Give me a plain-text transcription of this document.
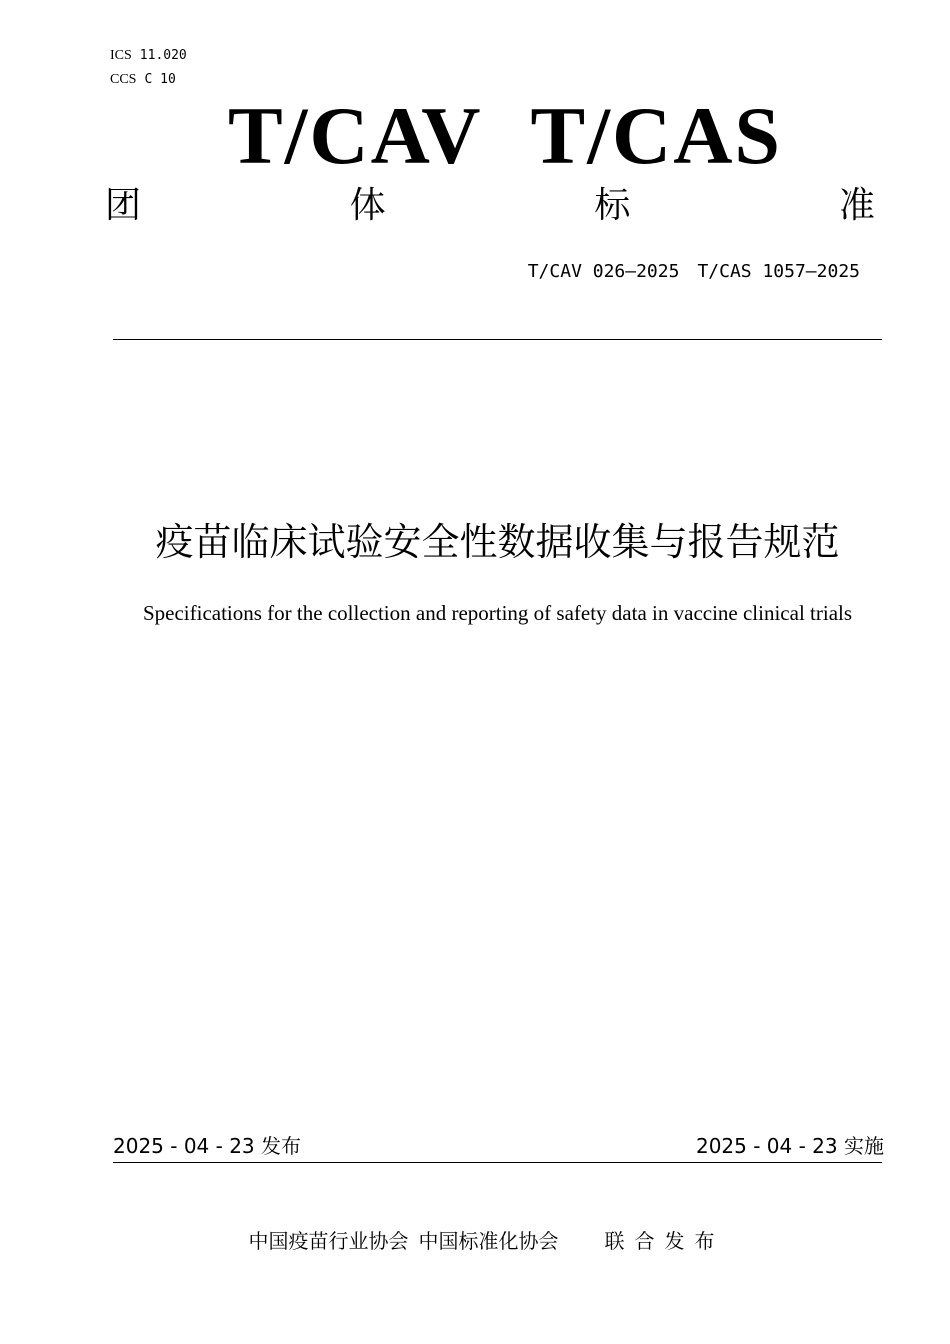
ICS 11.020
CCS C 10
T/CAV T/CAS
团	体	标	准
T/CAV 026—2025 T/CAS 1057—2025
疫苗临床试验安全性数据收集与报告规范
Specifications for the collection and reporting of safety data in vaccine clinical trials
2025 - 04 - 23 发布	2025 - 04 - 23 实施
中国疫苗行业协会 中国标准化协会 联合发布
